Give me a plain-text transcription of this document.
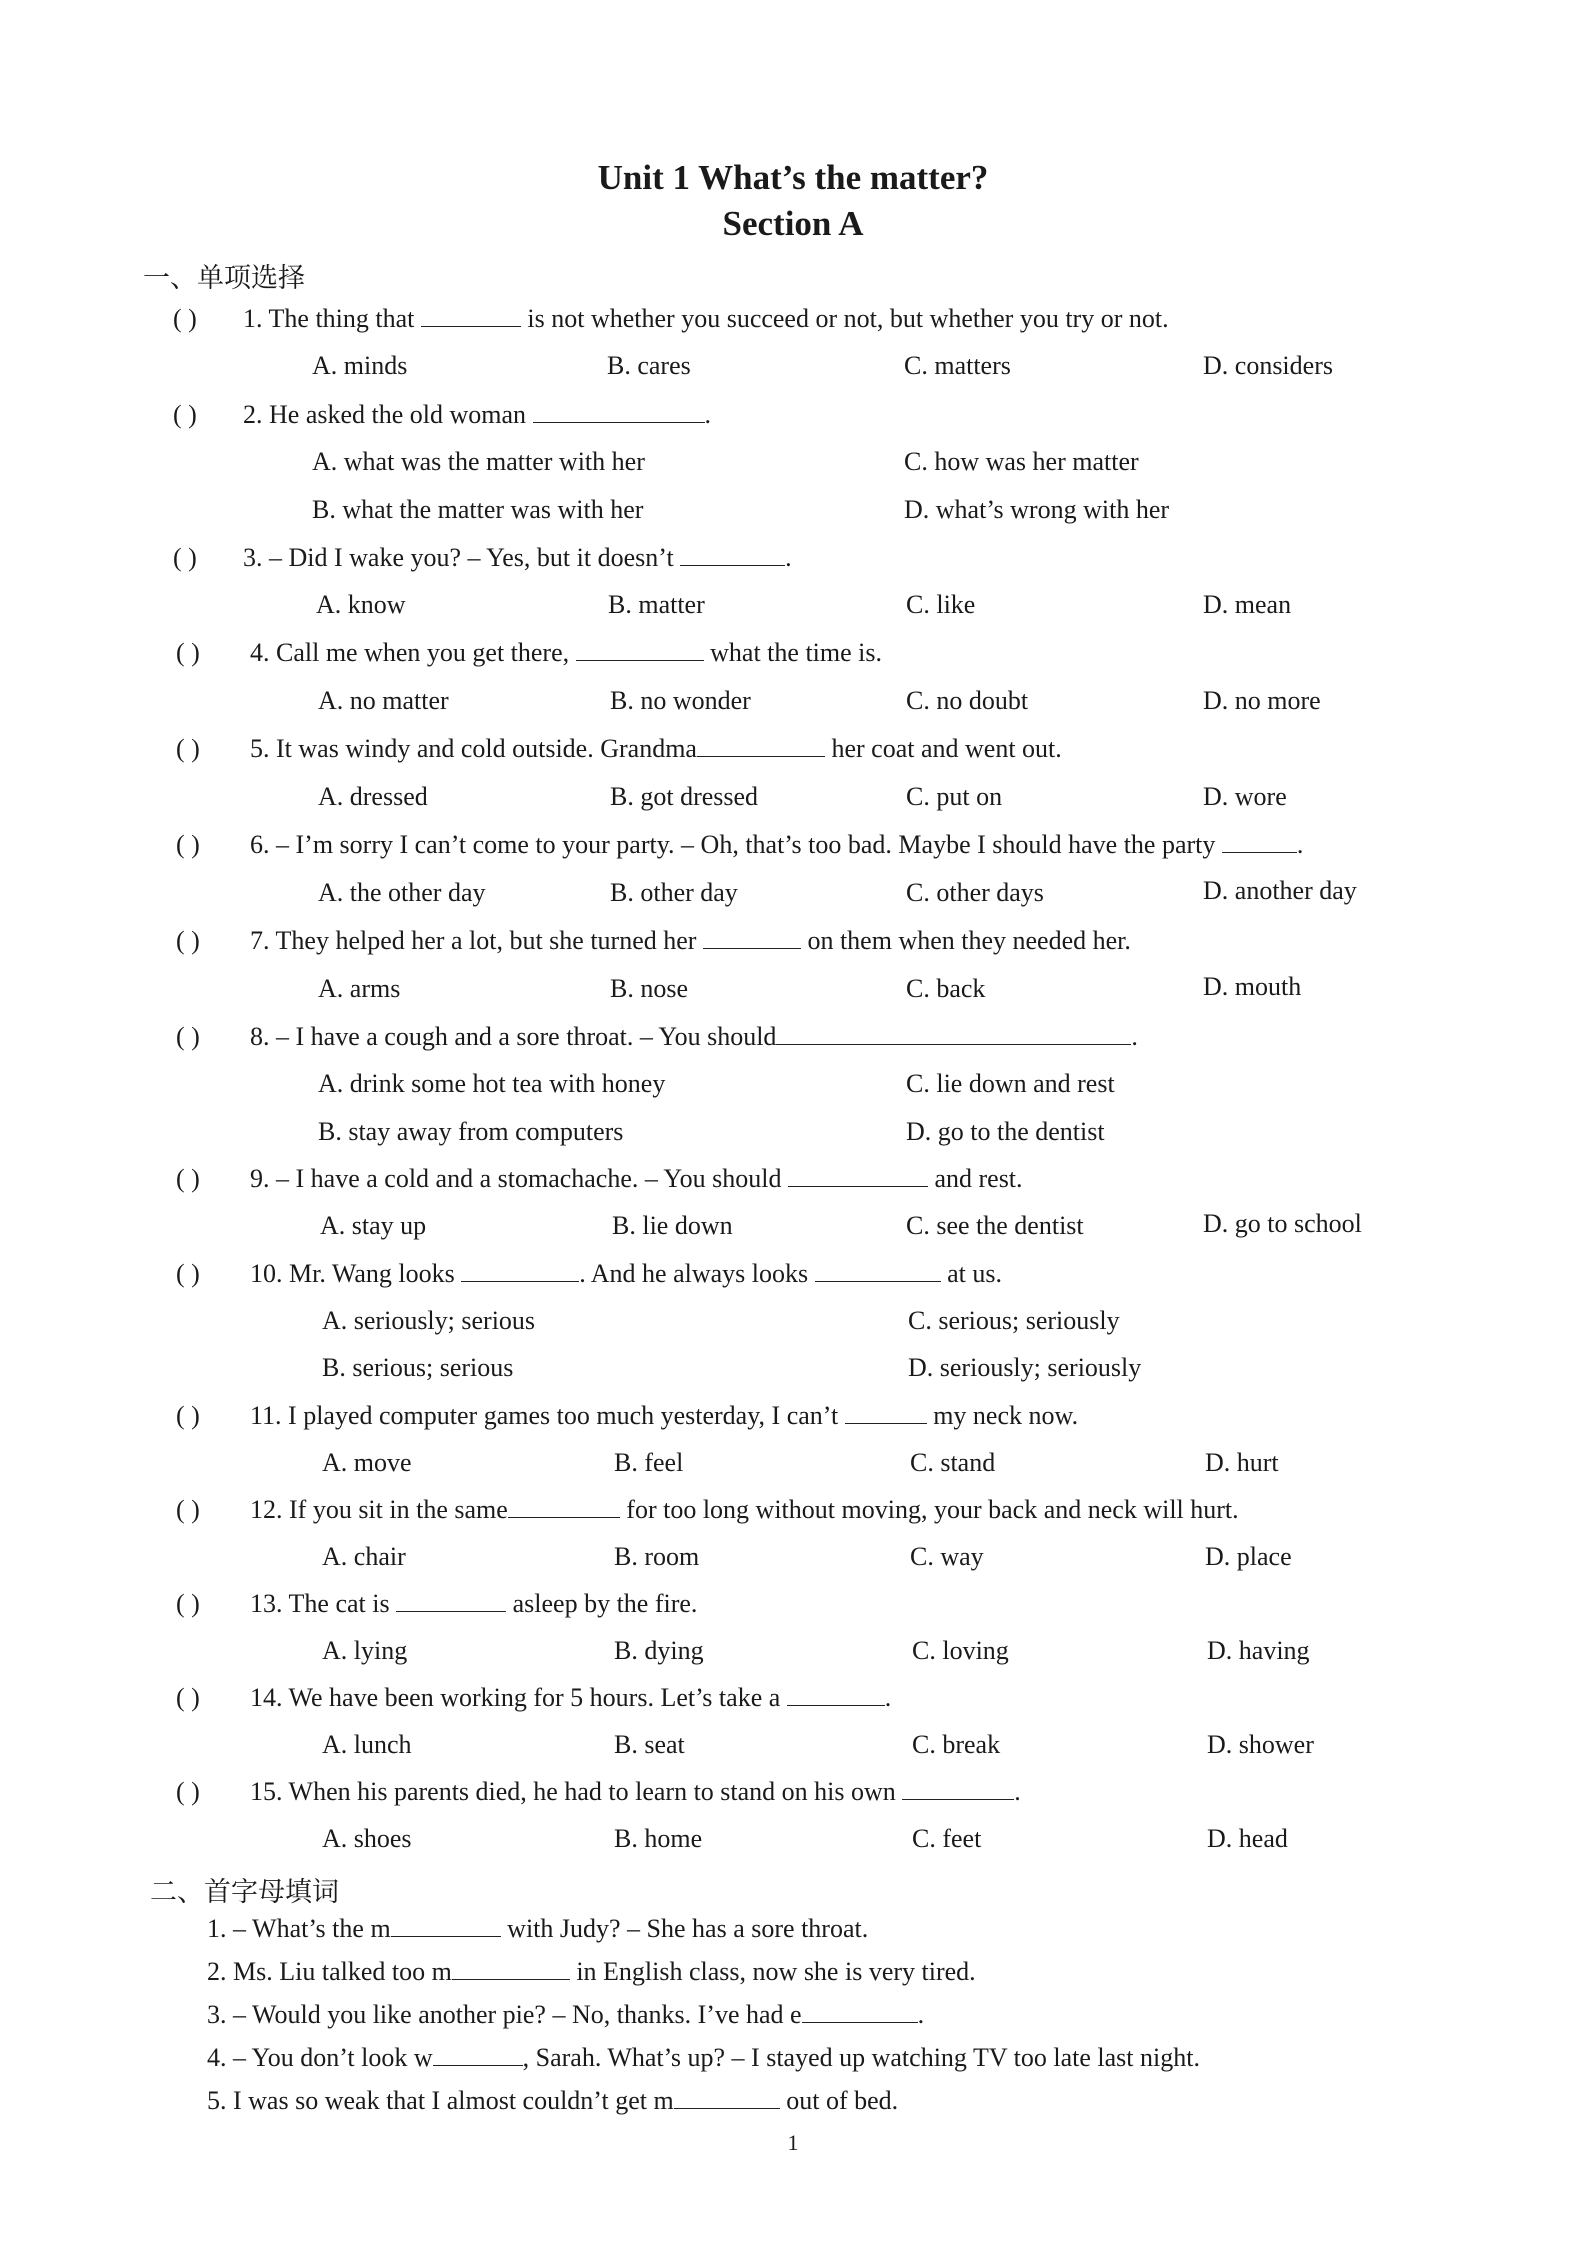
Unit 1 What’s the matter?
Section A
一、单项选择
( ) 1. The thing that	is not whether you succeed or not, but whether you try or not.
A. minds	B. cares	C. matters	D. considers
( ) 2. He asked the old woman	.
A. what was the matter with her	C. how was her matter
B. what the matter was with her	D. what’s wrong with her
( ) 3. – Did I wake you? – Yes, but it doesn’t	.
A. know	B. matter	C. like	D. mean
( ) 4. Call me when you get there,	what the time is.
A. no matter	B. no wonder	C. no doubt	D. no more
( ) 5. It was windy and cold outside. Grandma	her coat and went out.
A. dressed	B. got dressed	C. put on	D. wore
( ) 6. – I’m sorry I can’t come to your party. – Oh, that’s too bad. Maybe I should have the party	.
A. the other day	B. other day	C. other days	D. another day
( ) 7. They helped her a lot, but she turned her	on them when they needed her.
A. arms	B. nose	C. back	D. mouth
( ) 8. – I have a cough and a sore throat. – You should	.
A. drink some hot tea with honey	C. lie down and rest
B. stay away from computers	D. go to the dentist
( ) 9. – I have a cold and a stomachache. – You should	and rest.
A. stay up	B. lie down	C. see the dentist	D. go to school
( ) 10. Mr. Wang looks	. And he always looks	at us.
A. seriously; serious	C. serious; seriously
B. serious; serious	D. seriously; seriously
( ) 11. I played computer games too much yesterday, I can’t	my neck now.
A. move	B. feel	C. stand	D. hurt
( ) 12. If you sit in the same	for too long without moving, your back and neck will hurt.
A. chair	B. room	C. way	D. place
( ) 13. The cat is	asleep by the fire.
A. lying	B. dying	C. loving	D. having
( ) 14. We have been working for 5 hours. Let’s take a	.
A. lunch	B. seat	C. break	D. shower
( ) 15. When his parents died, he had to learn to stand on his own	.
A. shoes	B. home	C. feet	D. head
二、首字母填词
1. – What’s the m	with Judy? – She has a sore throat.
2. Ms. Liu talked too m	in English class, now she is very tired.
3. – Would you like another pie? – No, thanks. I’ve had e	.
4. – You don’t look w	, Sarah. What’s up? – I stayed up watching TV too late last night.
5. I was so weak that I almost couldn’t get m	out of bed.
1
